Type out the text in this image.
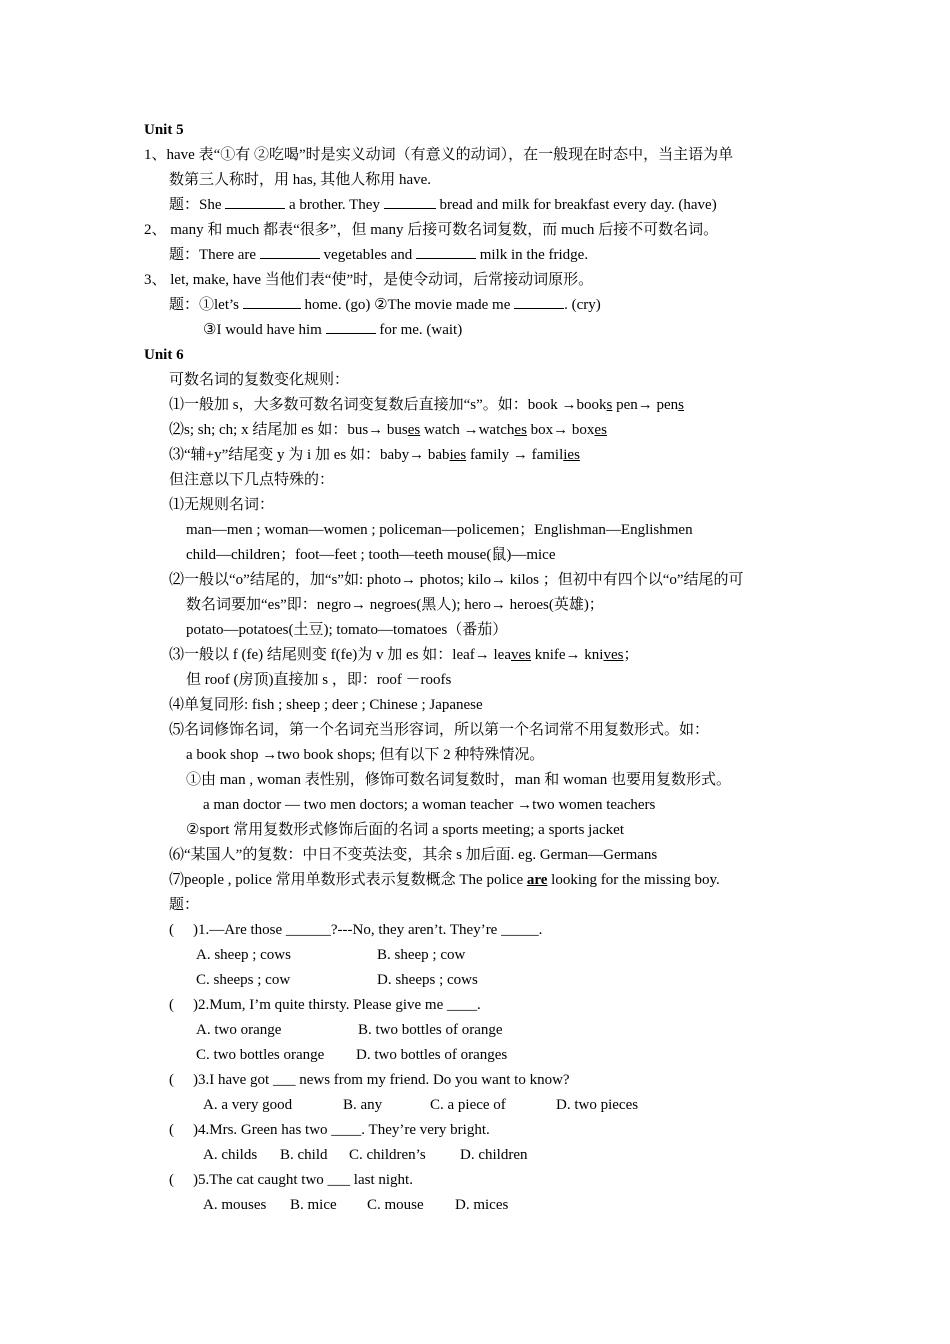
Unit 5
1、have 表“①有 ②吃喝”时是实义动词（有意义的动词），在一般现在时态中，当主语为单
数第三人称时，用 has, 其他人称用 have.
题：She	a brother. They	bread and milk for breakfast every day. (have)
2、 many 和 much 都表“很多”，但 many 后接可数名词复数，而 much 后接不可数名词。
题：There are	vegetables and	milk in the fridge.
3、 let, make, have 当他们表“使”时，是使令动词，后常接动词原形。
题：①let’s	home. (go) ②The movie made me	. (cry)
③I would have him	for me. (wait)
Unit 6
可数名词的复数变化规则：
⑴一般加 s，大多数可数名词变复数后直接加“s”。如：book →books pen→ pens
⑵s; sh; ch; x 结尾加 es 如：bus→ buses watch →watches box→ boxes
⑶“辅+y”结尾变 y 为 i 加 es 如：baby→ babies family → families
但注意以下几点特殊的：
⑴无规则名词：
man—men ; woman—women ; policeman—policemen；Englishman—Englishmen
child—children；foot—feet ; tooth—teeth mouse(鼠)—mice
⑵一般以“o”结尾的，加“s”如: photo→ photos; kilo→ kilos ；但初中有四个以“o”结尾的可
数名词要加“es”即：negro→ negroes(黑人); hero→ heroes(英雄)；
potato—potatoes(土豆); tomato—tomatoes（番茄）
⑶一般以 f (fe) 结尾则变 f(fe)为 v 加 es 如：leaf→ leaves knife→ knives；
但 roof (房顶)直接加 s ，即：roof －roofs
⑷单复同形: fish ; sheep ; deer ; Chinese ; Japanese
⑸名词修饰名词，第一个名词充当形容词，所以第一个名词常不用复数形式。如：
a book shop →two book shops; 但有以下 2 种特殊情况。
①由 man , woman 表性别，修饰可数名词复数时，man 和 woman 也要用复数形式。
a man doctor — two men doctors; a woman teacher →two women teachers
②sport 常用复数形式修饰后面的名词 a sports meeting; a sports jacket
⑹“某国人”的复数：中日不变英法变，其余 s 加后面. eg. German—Germans
⑺people , police 常用单数形式表示复数概念 The police are looking for the missing boy.
题：
( )1.—Are those ______?---No, they aren’t. They’re _____.
A. sheep ; cows	B. sheep ; cow
C. sheeps ; cow	D. sheeps ; cows
( )2.Mum, I’m quite thirsty. Please give me ____.
A. two orange	B. two bottles of orange
C. two bottles orange D. two bottles of oranges
( )3.I have got ___ news from my friend. Do you want to know?
A. a very good	B. any	C. a piece of	D. two pieces
( )4.Mrs. Green has two ____. They’re very bright.
A. childs B. child C. children’s D. children
( )5.The cat caught two ___ last night.
A. mouses B. mice C. mouse D. mices
